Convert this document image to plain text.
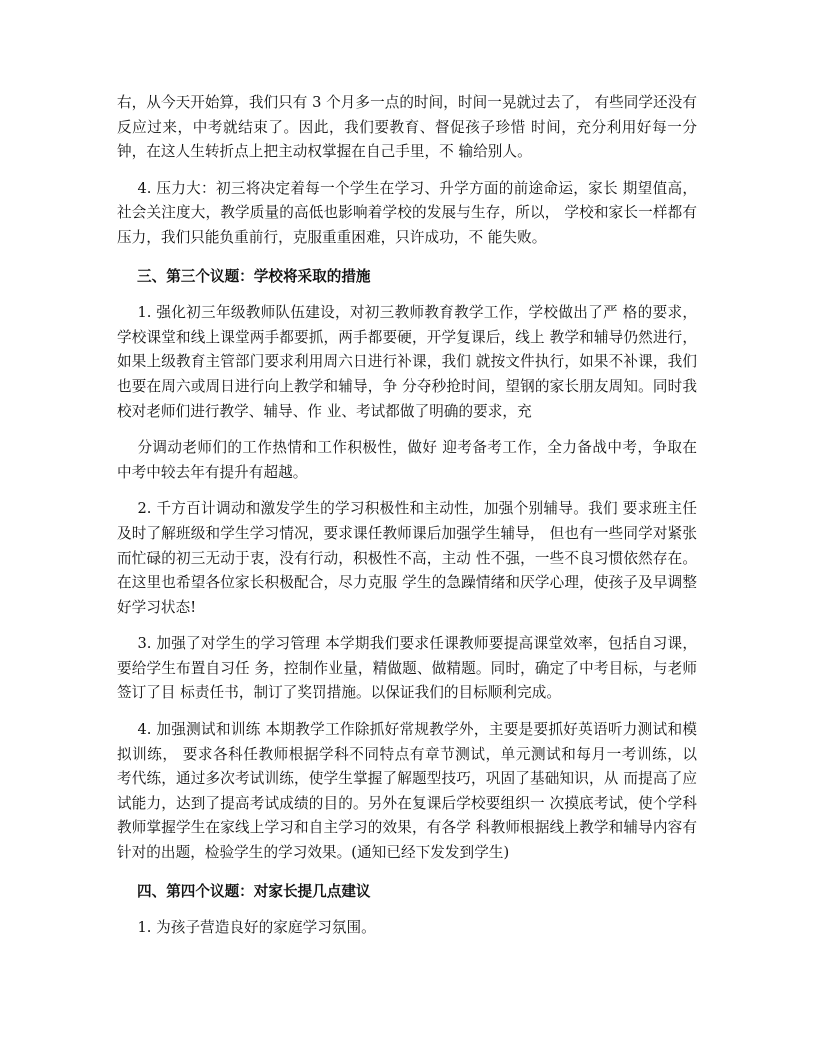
右，从今天开始算，我们只有 3 个月多一点的时间，时间一晃就过去了， 有些同学还没有反应过来，中考就结束了。因此，我们要教育、督促孩子珍惜 时间，充分利用好每一分钟，在这人生转折点上把主动权掌握在自己手里，不 输给别人。

4. 压力大：初三将决定着每一个学生在学习、升学方面的前途命运，家长 期望值高，社会关注度大，教学质量的高低也影响着学校的发展与生存，所以， 学校和家长一样都有压力，我们只能负重前行，克服重重困难，只许成功，不 能失败。

三、第三个议题：学校将采取的措施

1. 强化初三年级教师队伍建设，对初三教师教育教学工作，学校做出了严 格的要求，学校课堂和线上课堂两手都要抓，两手都要硬，开学复课后，线上 教学和辅导仍然进行，如果上级教育主管部门要求利用周六日进行补课，我们 就按文件执行，如果不补课，我们也要在周六或周日进行向上教学和辅导，争 分夺秒抢时间，望钢的家长朋友周知。同时我校对老师们进行教学、辅导、作 业、考试都做了明确的要求，充

分调动老师们的工作热情和工作积极性，做好 迎考备考工作，全力备战中考，争取在中考中较去年有提升有超越。

2. 千方百计调动和激发学生的学习积极性和主动性，加强个别辅导。我们 要求班主任及时了解班级和学生学习情况，要求课任教师课后加强学生辅导， 但也有一些同学对紧张而忙碌的初三无动于衷，没有行动，积极性不高，主动 性不强，一些不良习惯依然存在。在这里也希望各位家长积极配合，尽力克服 学生的急躁情绪和厌学心理，使孩子及早调整好学习状态!

3. 加强了对学生的学习管理 本学期我们要求任课教师要提高课堂效率，包括自习课，要给学生布置自习任 务，控制作业量，精做题、做精题。同时，确定了中考目标，与老师签订了目 标责任书，制订了奖罚措施。以保证我们的目标顺利完成。

4. 加强测试和训练 本期教学工作除抓好常规教学外，主要是要抓好英语听力测试和模拟训练， 要求各科任教师根据学科不同特点有章节测试，单元测试和每月一考训练，以 考代练，通过多次考试训练，使学生掌握了解题型技巧，巩固了基础知识，从 而提高了应试能力，达到了提高考试成绩的目的。另外在复课后学校要组织一 次摸底考试，使个学科教师掌握学生在家线上学习和自主学习的效果，有各学 科教师根据线上教学和辅导内容有针对的出题，检验学生的学习效果。(通知已经下发发到学生)

四、第四个议题：对家长提几点建议

1. 为孩子营造良好的家庭学习氛围。
